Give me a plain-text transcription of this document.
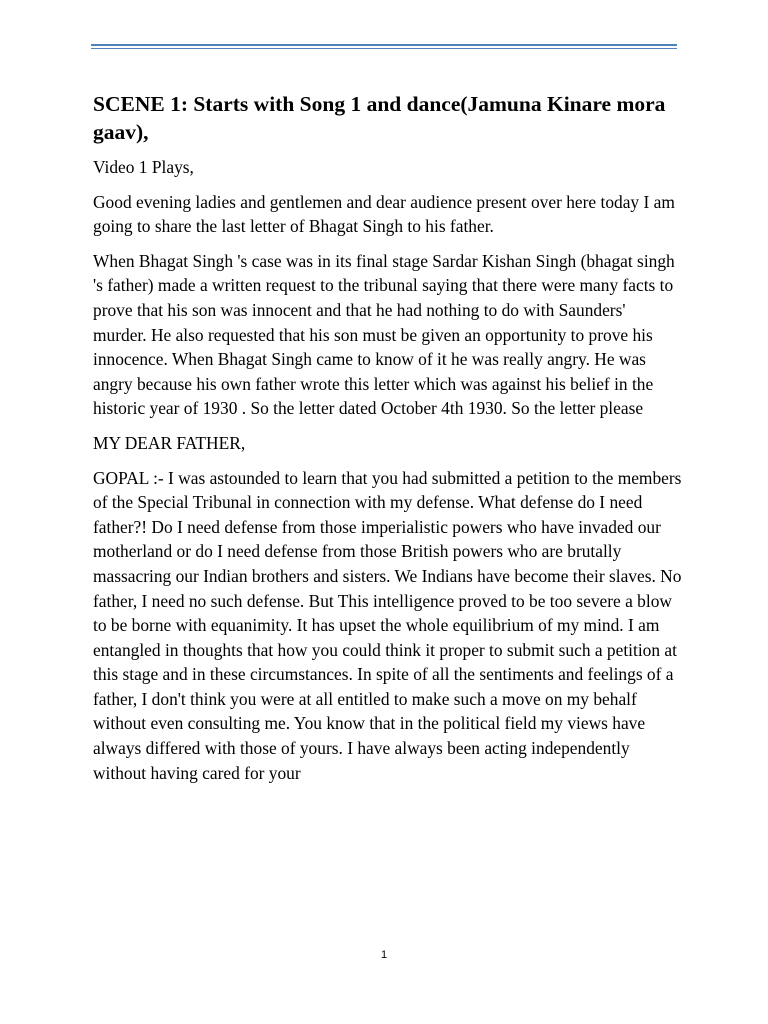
SCENE 1: Starts with Song 1 and dance(Jamuna Kinare mora gaav),

Video 1 Plays,

Good evening ladies and gentlemen and dear audience present over here today I am going to share the last letter of Bhagat Singh to his father.

When Bhagat Singh 's case was in its final stage Sardar Kishan Singh (bhagat singh 's father) made a written request to the tribunal saying that there were many facts to prove that his son was innocent and that he had nothing to do with Saunders' murder. He also requested that his son must be given an opportunity to prove his innocence. When Bhagat Singh came to know of it he was really angry. He was angry because his own father wrote this letter which was against his belief in the historic year of 1930 . So the letter dated October 4th 1930. So the letter please

MY DEAR FATHER,

GOPAL :- I was astounded to learn that you had submitted a petition to the members of the Special Tribunal in connection with my defense. What defense do I need father?! Do I need defense from those imperialistic powers who have invaded our motherland or do I need defense from those British powers who are brutally massacring our Indian brothers and sisters. We Indians have become their slaves. No father, I need no such defense. But This intelligence proved to be too severe a blow to be borne with equanimity. It has upset the whole equilibrium of my mind. I am entangled in thoughts that how you could think it proper to submit such a petition at this stage and in these circumstances. In spite of all the sentiments and feelings of a father, I don't think you were at all entitled to make such a move on my behalf without even consulting me. You know that in the political field my views have always differed with those of yours. I have always been acting independently without having cared for your

1
